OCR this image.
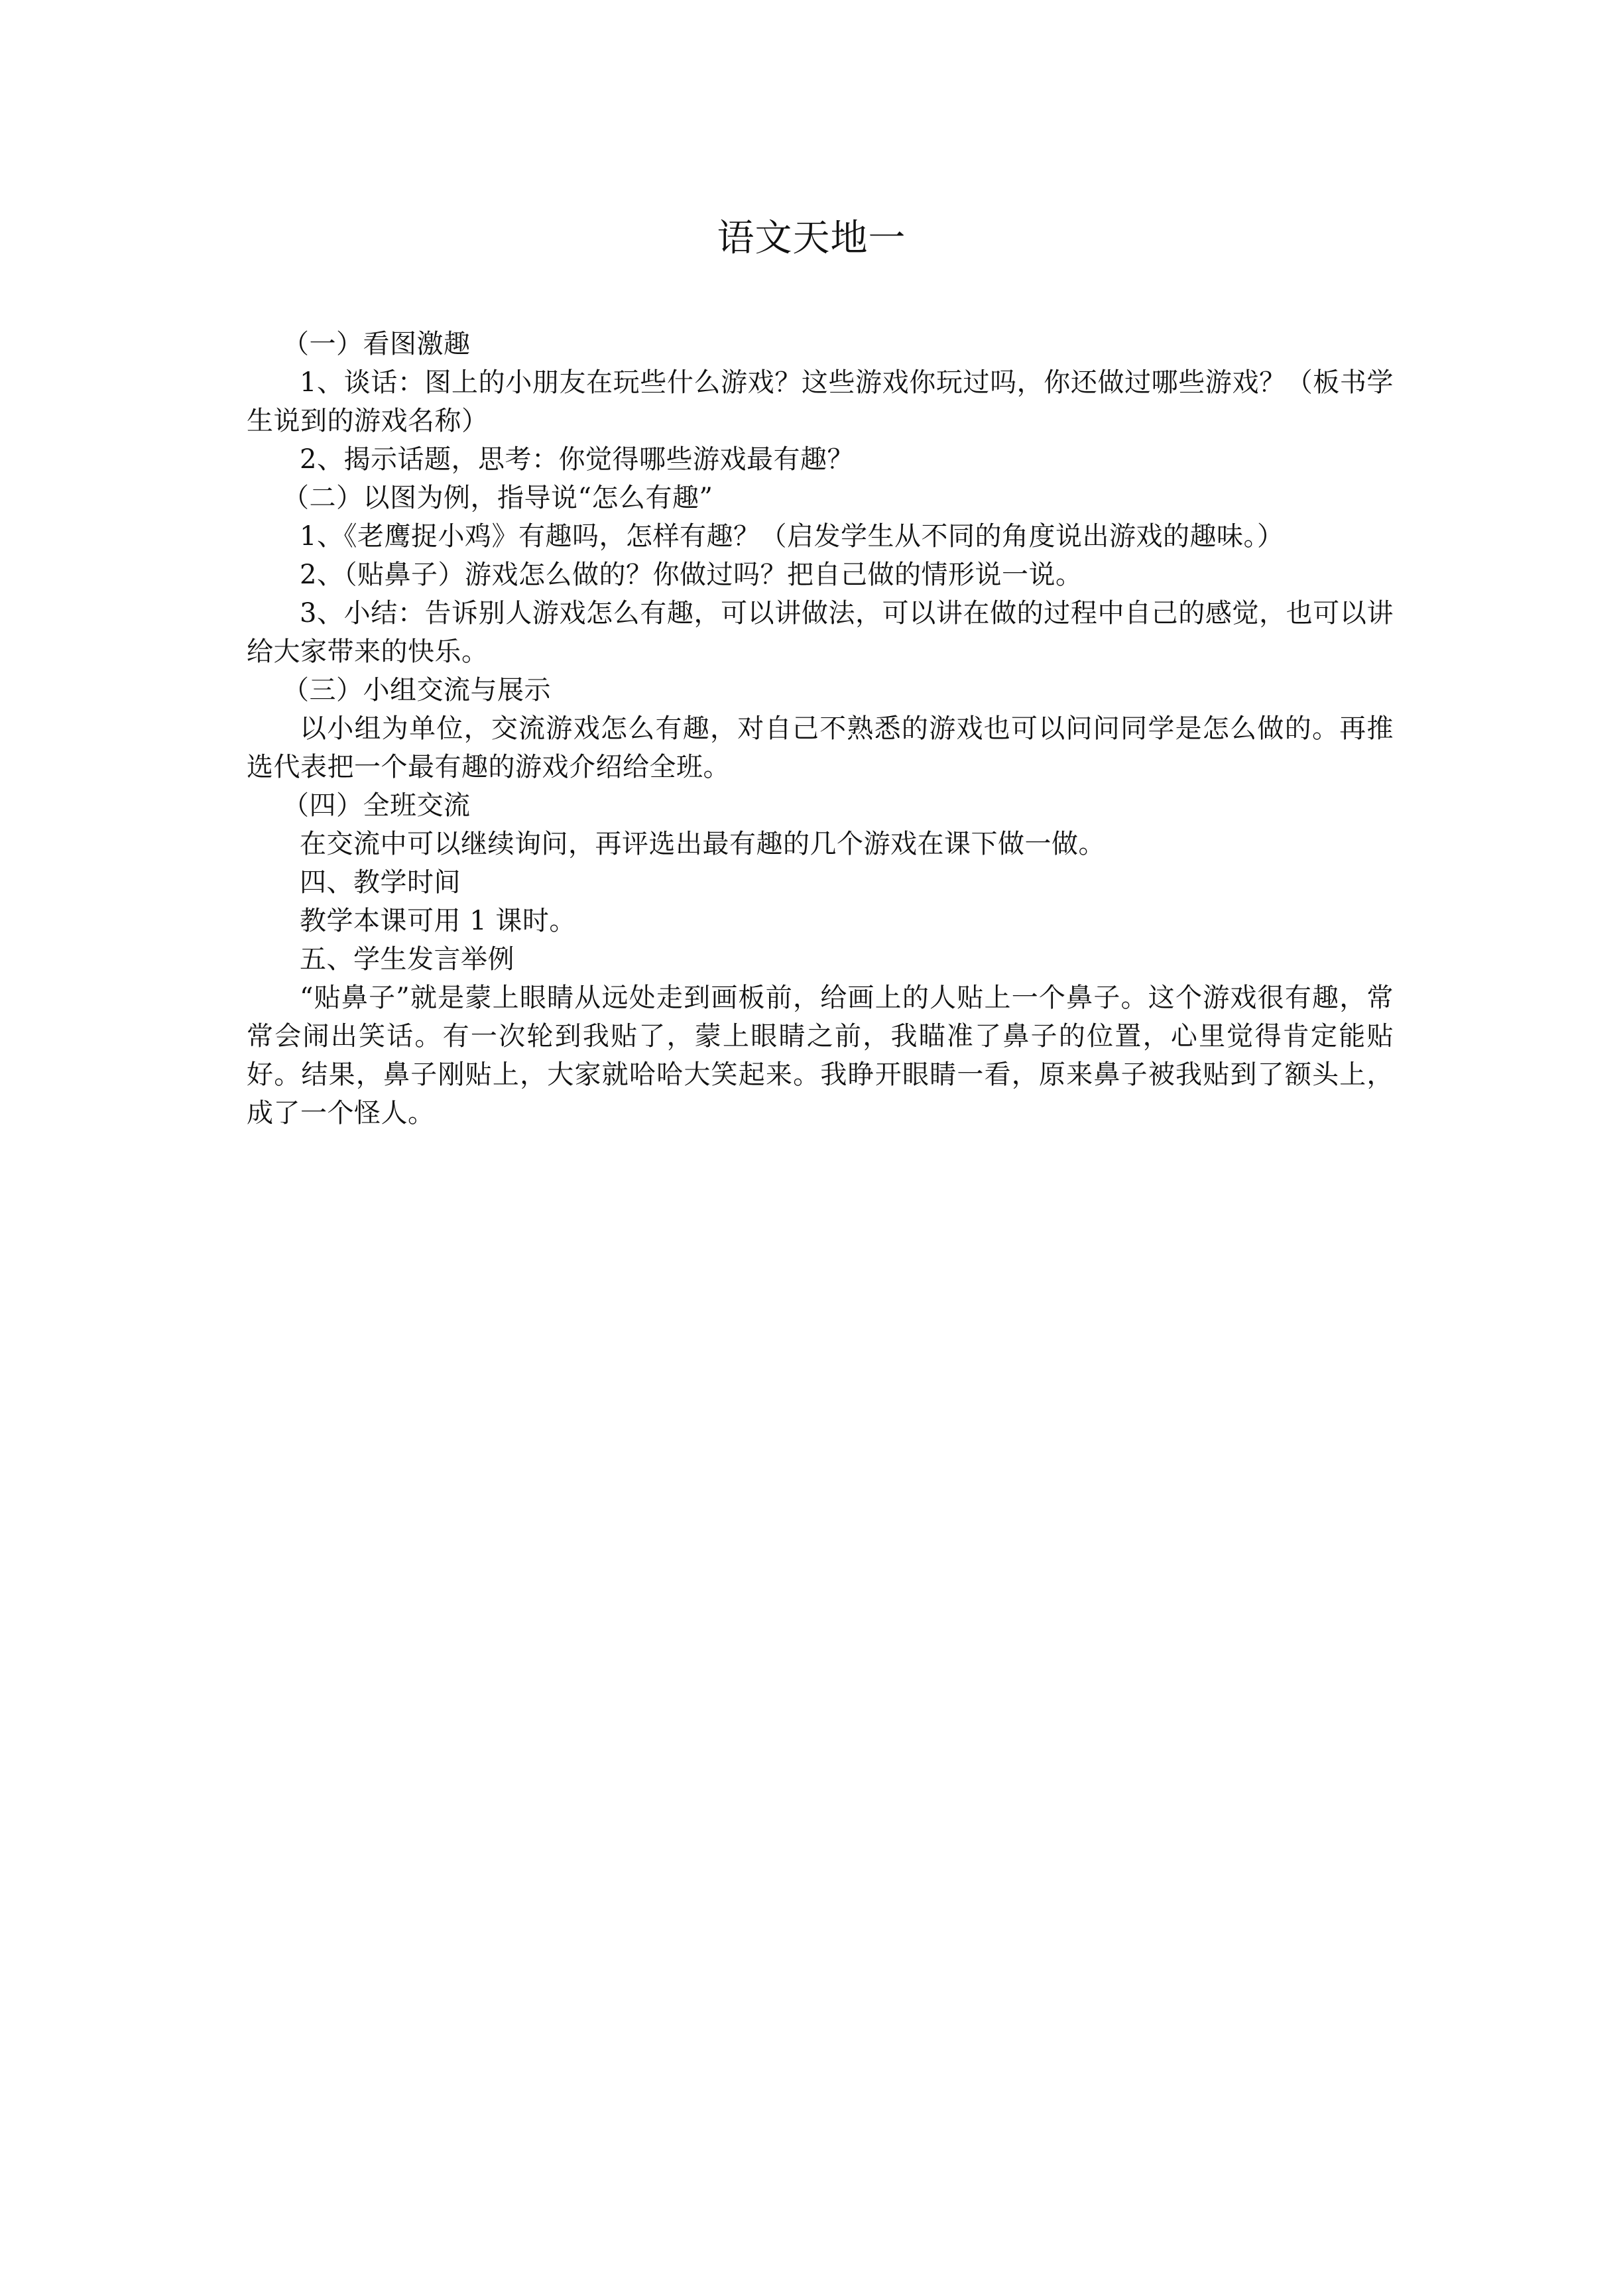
语文天地一

（一）看图激趣

1、谈话：图上的小朋友在玩些什么游戏？这些游戏你玩过吗，你还做过哪些游戏？（板书学生说到的游戏名称）

2、揭示话题，思考：你觉得哪些游戏最有趣？

（二）以图为例，指导说“怎么有趣”

1、《老鹰捉小鸡》有趣吗，怎样有趣？（启发学生从不同的角度说出游戏的趣味。）

2、（贴鼻子）游戏怎么做的？你做过吗？把自己做的情形说一说。

3、小结：告诉别人游戏怎么有趣，可以讲做法，可以讲在做的过程中自己的感觉，也可以讲给大家带来的快乐。

（三）小组交流与展示

以小组为单位，交流游戏怎么有趣，对自己不熟悉的游戏也可以问问同学是怎么做的。再推选代表把一个最有趣的游戏介绍给全班。

（四）全班交流

在交流中可以继续询问，再评选出最有趣的几个游戏在课下做一做。

四、教学时间

教学本课可用 1 课时。

五、学生发言举例

“贴鼻子”就是蒙上眼睛从远处走到画板前，给画上的人贴上一个鼻子。这个游戏很有趣，常常会闹出笑话。有一次轮到我贴了，蒙上眼睛之前，我瞄准了鼻子的位置，心里觉得肯定能贴好。结果，鼻子刚贴上，大家就哈哈大笑起来。我睁开眼睛一看，原来鼻子被我贴到了额头上，成了一个怪人。
